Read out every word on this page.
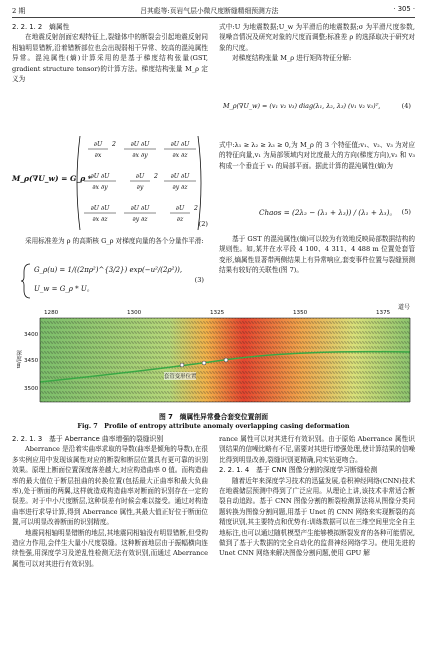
2 期	吕其彪等:页岩气层小微尺度断缝精细预测方法	· 305 ·
2. 2. 1. 2　熵属性

在地震反射剖面宏观特征上,裂缝体中的断裂会引起地震反射同相轴明显错断,沿着错断部位也会出现弱相干异常、较高的混沌属性异常。混沌属性(熵)计算采用的是基于梯度结构张量(GST, gradient structure tensor)的计算方法。梯度结构张量 M_ρ 定义为

M_ρ(∇U_w) = G_ρ *
∂U
∂x
2 ∂U ∂U
∂x ∂y
∂U ∂U
∂x ∂z
∂U ∂U
∂x ∂y
∂U
∂y
2 ∂U ∂U
∂y ∂z
∂U ∂U
∂x ∂z
∂U ∂U
∂y ∂z
∂U
∂z
2
(2)

采用标准差为 ρ 的高斯核 G_ρ 对梯度向量的各个分量作平滑:

G_ρ(u) = 1/((2πρ²)^{3/2}) exp(−u²/(2ρ²)),
U_w = G_ρ * U。
(3)

式中:U 为地震数据;U_w 为平滑后的地震数据;σ 为平滑尺度参数,视噪音情况及研究对象的尺度而调整;标准差 ρ 的选择取决于研究对象的尺度。

对梯度结构张量 M_ρ 进行矩阵特征分解:

M_ρ(∇U_w) = (v₁ v₂ v₃) diag(λ₁, λ₂, λ₃) (v₁ v₂ v₃)ᵀ,	(4)

式中:λ₁ ≥ λ₂ ≥ λ₃ ≥ 0,为 M_ρ 的 3 个特征值;v₁、v₂、v₃ 为对应的特征向量,v₁ 为局部领域内对比度最大的方向(梯度方向),v₂ 和 v₃ 构成一个垂直于 v₁ 的局部平面。据此计算的混沌属性(熵)为

Chaos = (2λ₂ − (λ₁ + λ₃)) / (λ₁ + λ₃)。 (5)

基于 GST 的混沌属性(熵)可以较为有效地反映局部数据结构的规则性。如,某井在水平段 4 100、4 311、4 488 m 位置处套管变形,熵属性显著带两侧结果上有异常响应,套变事件位置与裂缝预测结果有较好的关联性(图 7)。

道号
1280	1300	1325	1350	1375
3400
3450
3500
深度/m
套管变形位置
图 7　熵属性异常叠合套变位置剖面
Fig. 7　Profile of entropy attribute anomaly overlapping casing deformation
2. 2. 1. 3　基于 Aberrance 曲率增强的裂缝识别

Aberrance 是沿着实曲率求取的导数(曲率是倾角的导数),在很多实例应用中发现该属性对应的断裂和断层位置具有更可靠的识别效果。原理上断面位置深度落差越大,对应构造曲率 0 值。而构造曲率的最大值位于断层扭曲的转换位置(包括最大正曲率和最大负曲率),处于断面的两翼,这样就造成构造曲率对断面的识别存在一定的误差。对于中小尺度断层,这种误差有时候会难以接受。通过对构造曲率进行求导计算,得到 Aberrance 属性,其最大值正好位于断面位置,可以明显改善断面的识别精度。

地震同相轴明显错断的地层,其地震同相轴没有明显错断,但受构造应力作用,会伴生大量小尺度裂缝。这种断面地层由于振幅横向连续性强,用深度学习及逆乱性检测无法有效识别,而通过 Aberrance 属性可以对其进行有效识别。

rance 属性可以对其进行有效识别。由于原始 Aberrance 属性识别结果的信噪比略有不足,需要对其进行增强处理,使计算结果的信噪比得到明显改善,裂缝识别更精确,同实钻更吻合。

2. 2. 1. 4　基于 CNN 图像分割的深度学习断缝检测

随着近年来深度学习技术的迅猛发展,卷积神经网络(CNN)技术在地震储层预测中得到了广泛应用。从理论上讲,该技术非常适合断裂自动追踪。基于 CNN 图像分割的断裂检测算法将从图像分类问题转换为图像分割问题,用基于 Unet 的 CNN 网络来实现断裂的高精度识别,其主要特点和优势有:训练数据可以在三维空间里完全自主地标注,也可以通过随机模型产生能够模拟断裂发育的各种可能情况,做到了基于大数据的完全自动化的监督神经网络学习。使用先进的 Unet CNN 网络来解决图像分割问题,使用 GPU 解
